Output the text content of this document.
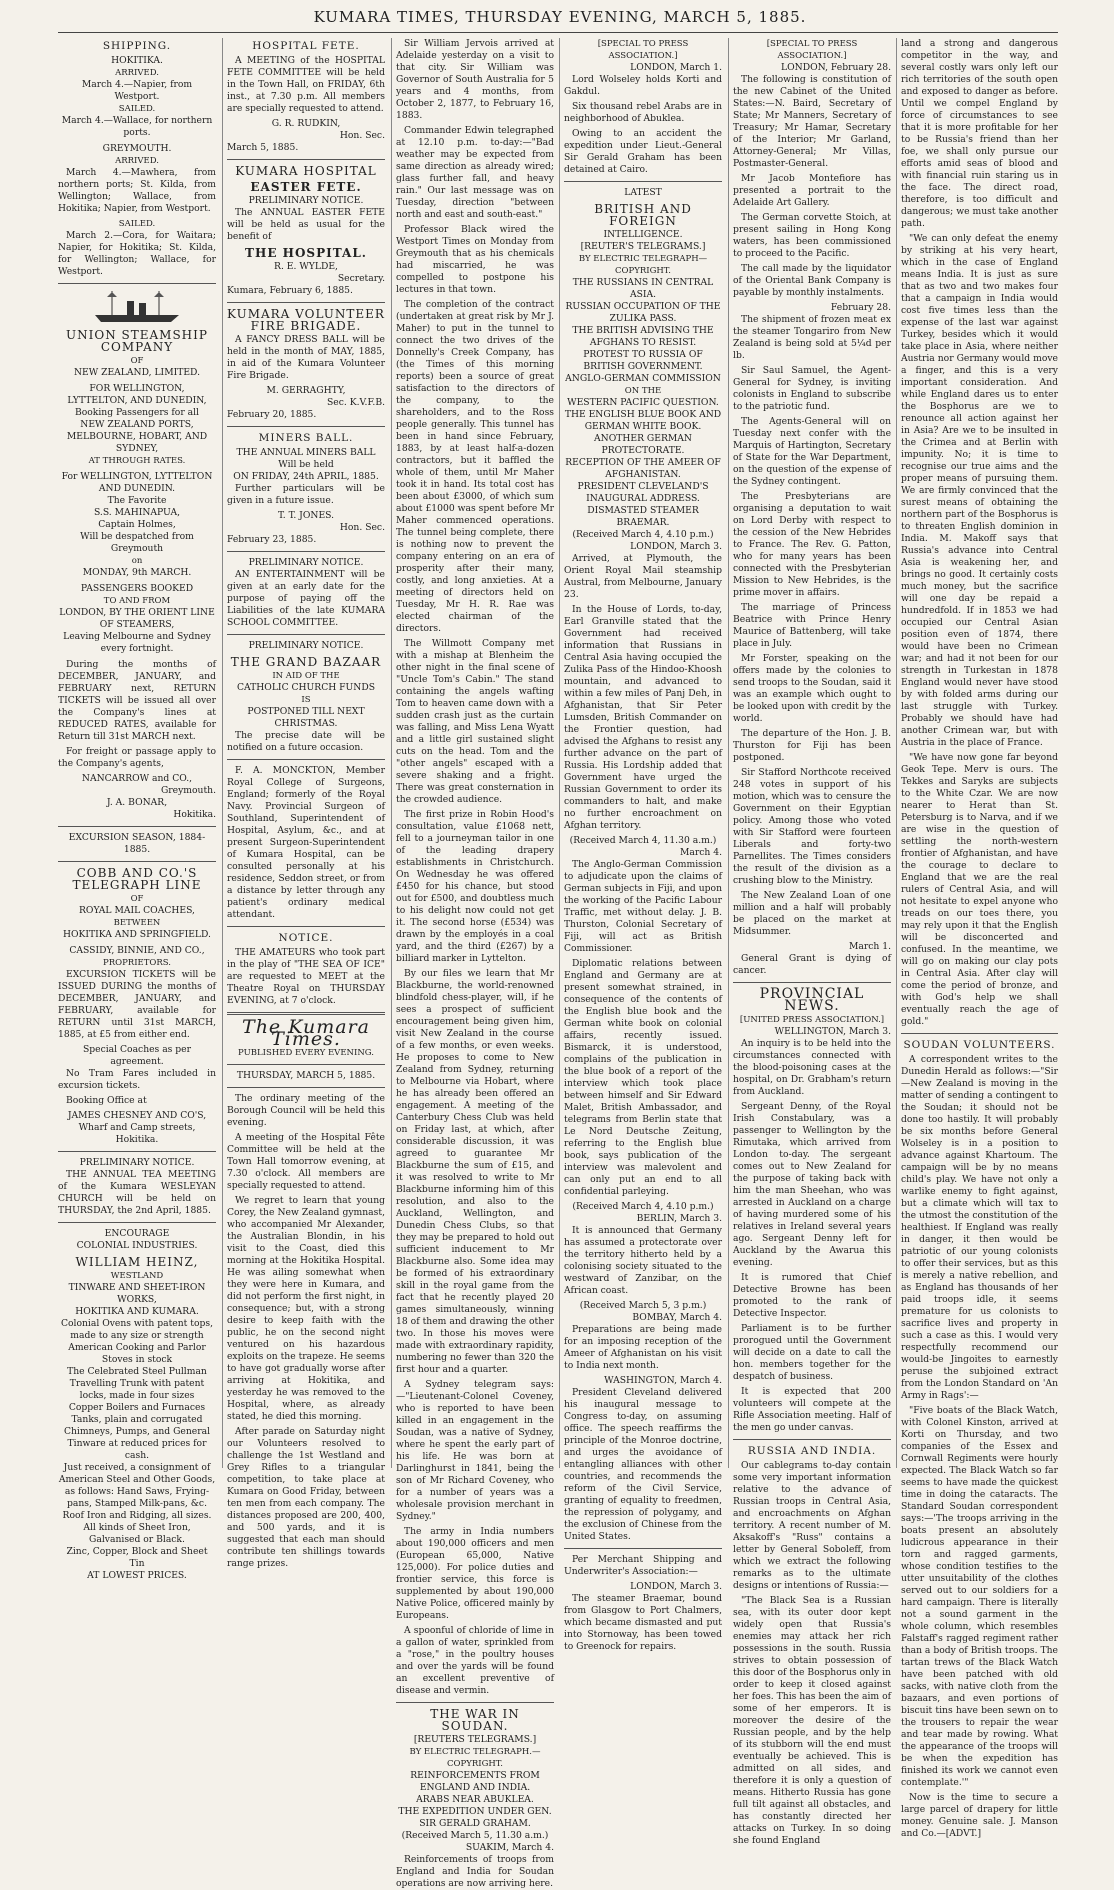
KUMARA TIMES, THURSDAY EVENING, MARCH 5, 1885.
SHIPPING.
HOKITIKA.
ARRIVED.
March 4.—Napier, from Westport.
SAILED.
March 4.—Wallace, for northern ports.
GREYMOUTH.
ARRIVED.
March 4.—Mawhera, from northern ports; St. Kilda, from Wellington; Wallace, from Hokitika; Napier, from Westport.
SAILED.
March 2.—Cora, for Waitara; Napier, for Hokitika; St. Kilda, for Wellington; Wallace, for Westport.
UNION STEAMSHIP COMPANY
OF
NEW ZEALAND, LIMITED.
FOR WELLINGTON, LYTTELTON, AND DUNEDIN,
Booking Passengers for all
NEW ZEALAND PORTS, MELBOURNE, HOBART, AND SYDNEY,
AT THROUGH RATES.
For WELLINGTON, LYTTELTON AND DUNEDIN.
The Favorite
S.S. MAHINAPUA,
Captain Holmes,
Will be despatched from Greymouth
on
MONDAY, 9th MARCH.
PASSENGERS BOOKED
TO AND FROM
LONDON, BY THE ORIENT LINE OF STEAMERS,
Leaving Melbourne and Sydney every fortnight.
During the months of DECEMBER, JANUARY, and FEBRUARY next, RETURN TICKETS will be issued all over the Company's lines at REDUCED RATES, available for Return till 31st MARCH next.
For freight or passage apply to the Company's agents,
NANCARROW and CO.,
Greymouth.
J. A. BONAR,
Hokitika.
EXCURSION SEASON, 1884-1885.
COBB AND CO.'S TELEGRAPH LINE
OF
ROYAL MAIL COACHES,
BETWEEN
HOKITIKA AND SPRINGFIELD.
CASSIDY, BINNIE, AND CO.,
PROPRIETORS.
EXCURSION TICKETS will be ISSUED DURING the months of DECEMBER, JANUARY, and FEBRUARY, available for RETURN until 31st MARCH, 1885, at £5 from either end.
Special Coaches as per agreement.
No Tram Fares included in excursion tickets.
Booking Office at
JAMES CHESNEY AND CO'S,
Wharf and Camp streets, Hokitika.
PRELIMINARY NOTICE.
THE ANNUAL TEA MEETING of the Kumara WESLEYAN CHURCH will be held on THURSDAY, the 2nd April, 1885.
ENCOURAGE
COLONIAL INDUSTRIES.
WILLIAM HEINZ,
WESTLAND
TINWARE AND SHEET-IRON WORKS,
HOKITIKA AND KUMARA.
Colonial Ovens with patent tops, made to any size or strength
American Cooking and Parlor Stoves in stock
The Celebrated Steel Pullman Travelling Trunk with patent locks, made in four sizes
Copper Boilers and Furnaces
Tanks, plain and corrugated
Chimneys, Pumps, and General Tinware at reduced prices for cash.
Just received, a consignment of American Steel and Other Goods, as follows: Hand Saws, Frying-pans, Stamped Milk-pans, &c.
Roof Iron and Ridging, all sizes.
All kinds of Sheet Iron, Galvanised or Black.
Zinc, Copper, Block and Sheet Tin
AT LOWEST PRICES.
HOSPITAL FETE.
A MEETING of the HOSPITAL FETE COMMITTEE will be held in the Town Hall, on FRIDAY, 6th inst., at 7.30 p.m. All members are specially requested to attend.
G. R. RUDKIN,
Hon. Sec.
March 5, 1885.
KUMARA HOSPITAL
EASTER FETE.
PRELIMINARY NOTICE.
The ANNUAL EASTER FETE will be held as usual for the benefit of
THE HOSPITAL.
R. E. WYLDE,
Secretary.
Kumara, February 6, 1885.
KUMARA VOLUNTEER FIRE BRIGADE.
A FANCY DRESS BALL will be held in the month of MAY, 1885, in aid of the Kumara Volunteer Fire Brigade.
M. GERRAGHTY,
Sec. K.V.F.B.
February 20, 1885.
MINERS BALL.
THE ANNUAL MINERS BALL Will be held
ON FRIDAY, 24th APRIL, 1885.
Further particulars will be given in a future issue.
T. T. JONES.
Hon. Sec.
February 23, 1885.
PRELIMINARY NOTICE.
AN ENTERTAINMENT will be given at an early date for the purpose of paying off the Liabilities of the late KUMARA SCHOOL COMMITTEE.
PRELIMINARY NOTICE.
THE GRAND BAZAAR
IN AID OF THE
CATHOLIC CHURCH FUNDS
IS
POSTPONED TILL NEXT CHRISTMAS.
The precise date will be notified on a future occasion.
F. A. MONCKTON, Member Royal College of Surgeons, England; formerly of the Royal Navy. Provincial Surgeon of Southland, Superintendent of Hospital, Asylum, &c., and at present Surgeon-Superintendent of Kumara Hospital, can be consulted personally at his residence, Seddon street, or from a distance by letter through any patient's ordinary medical attendant.
NOTICE.
THE AMATEURS who took part in the play of "THE SEA OF ICE" are requested to MEET at the Theatre Royal on THURSDAY EVENING, at 7 o'clock.
The Kumara Times.
PUBLISHED EVERY EVENING.
THURSDAY, MARCH 5, 1885.
The ordinary meeting of the Borough Council will be held this evening.
A meeting of the Hospital Fête Committee will be held at the Town Hall tomorrow evening, at 7.30 o'clock. All members are specially requested to attend.
We regret to learn that young Corey, the New Zealand gymnast, who accompanied Mr Alexander, the Australian Blondin, in his visit to the Coast, died this morning at the Hokitika Hospital. He was ailing somewhat when they were here in Kumara, and did not perform the first night, in consequence; but, with a strong desire to keep faith with the public, he on the second night ventured on his hazardous exploits on the trapeze. He seems to have got gradually worse after arriving at Hokitika, and yesterday he was removed to the Hospital, where, as already stated, he died this morning.
After parade on Saturday night our Volunteers resolved to challenge the 1st Westland and Grey Rifles to a triangular competition, to take place at Kumara on Good Friday, between ten men from each company. The distances proposed are 200, 400, and 500 yards, and it is suggested that each man should contribute ten shillings towards range prizes.
Sir William Jervois arrived at Adelaide yesterday on a visit to that city. Sir William was Governor of South Australia for 5 years and 4 months, from October 2, 1877, to February 16, 1883.
Commander Edwin telegraphed at 12.10 p.m. to-day:—"Bad weather may be expected from same direction as already wired; glass further fall, and heavy rain." Our last message was on Tuesday, direction "between north and east and south-east."
Professor Black wired the Westport Times on Monday from Greymouth that as his chemicals had miscarried, he was compelled to postpone his lectures in that town.
The completion of the contract (undertaken at great risk by Mr J. Maher) to put in the tunnel to connect the two drives of the Donnelly's Creek Company, has (the Times of this morning reports) been a source of great satisfaction to the directors of the company, to the shareholders, and to the Ross people generally. This tunnel has been in hand since February, 1883, by at least half-a-dozen contractors, but it baffled the whole of them, until Mr Maher took it in hand. Its total cost has been about £3000, of which sum about £1000 was spent before Mr Maher commenced operations. The tunnel being complete, there is nothing now to prevent the company entering on an era of prosperity after their many, costly, and long anxieties. At a meeting of directors held on Tuesday, Mr H. R. Rae was elected chairman of the directors.
The Willmott Company met with a mishap at Blenheim the other night in the final scene of "Uncle Tom's Cabin." The stand containing the angels wafting Tom to heaven came down with a sudden crash just as the curtain was falling, and Miss Lena Wyatt and a little girl sustained slight cuts on the head. Tom and the "other angels" escaped with a severe shaking and a fright. There was great consternation in the crowded audience.
The first prize in Robin Hood's consultation, value £1068 nett, fell to a journeyman tailor in one of the leading drapery establishments in Christchurch. On Wednesday he was offered £450 for his chance, but stood out for £500, and doubtless much to his delight now could not get it. The second horse (£534) was drawn by the employés in a coal yard, and the third (£267) by a billiard marker in Lyttelton.
By our files we learn that Mr Blackburne, the world-renowned blindfold chess-player, will, if he sees a prospect of sufficient encouragement being given him, visit New Zealand in the course of a few months, or even weeks. He proposes to come to New Zealand from Sydney, returning to Melbourne via Hobart, where he has already been offered an engagement. A meeting of the Canterbury Chess Club was held on Friday last, at which, after considerable discussion, it was agreed to guarantee Mr Blackburne the sum of £15, and it was resolved to write to Mr Blackburne informing him of this resolution, and also to the Auckland, Wellington, and Dunedin Chess Clubs, so that they may be prepared to hold out sufficient inducement to Mr Blackburne also. Some idea may be formed of his extraordinary skill in the royal game from the fact that he recently played 20 games simultaneously, winning 18 of them and drawing the other two. In those his moves were made with extraordinary rapidity, numbering no fewer than 320 the first hour and a quarter.
A Sydney telegram says:—"Lieutenant-Colonel Coveney, who is reported to have been killed in an engagement in the Soudan, was a native of Sydney, where he spent the early part of his life. He was born at Darlinghurst in 1841, being the son of Mr Richard Coveney, who for a number of years was a wholesale provision merchant in Sydney."
The army in India numbers about 190,000 officers and men (European 65,000, Native 125,000). For police duties and frontier service, this force is supplemented by about 190,000 Native Police, officered mainly by Europeans.
A spoonful of chloride of lime in a gallon of water, sprinkled from a "rose," in the poultry houses and over the yards will be found an excellent preventive of disease and vermin.
THE WAR IN SOUDAN.
[REUTERS TELEGRAMS.]
BY ELECTRIC TELEGRAPH.—COPYRIGHT.
REINFORCEMENTS FROM ENGLAND AND INDIA.
ARABS NEAR ABUKLEA.
THE EXPEDITION UNDER GEN. SIR GERALD GRAHAM.
(Received March 5, 11.30 a.m.)
SUAKIM, March 4.
Reinforcements of troops from England and India for Soudan operations are now arriving here.
[SPECIAL TO PRESS ASSOCIATION.]
LONDON, March 1.
Lord Wolseley holds Korti and Gakdul.
Six thousand rebel Arabs are in neighborhood of Abuklea.
Owing to an accident the expedition under Lieut.-General Sir Gerald Graham has been detained at Cairo.
LATEST
BRITISH AND FOREIGN
INTELLIGENCE.
[REUTER'S TELEGRAMS.]
BY ELECTRIC TELEGRAPH—COPYRIGHT.
THE RUSSIANS IN CENTRAL ASIA.
RUSSIAN OCCUPATION OF THE ZULIKA PASS.
THE BRITISH ADVISING THE AFGHANS TO RESIST.
PROTEST TO RUSSIA OF BRITISH GOVERNMENT.
ANGLO-GERMAN COMMISSION
ON THE
WESTERN PACIFIC QUESTION.
THE ENGLISH BLUE BOOK AND GERMAN WHITE BOOK.
ANOTHER GERMAN PROTECTORATE.
RECEPTION OF THE AMEER OF AFGHANISTAN.
PRESIDENT CLEVELAND'S INAUGURAL ADDRESS.
DISMASTED STEAMER BRAEMAR.
(Received March 4, 4.10 p.m.)
LONDON, March 3.
Arrived, at Plymouth, the Orient Royal Mail steamship Austral, from Melbourne, January 23.
In the House of Lords, to-day, Earl Granville stated that the Government had received information that Russians in Central Asia having occupied the Zulika Pass of the Hindoo-Khoosh mountain, and advanced to within a few miles of Panj Deh, in Afghanistan, that Sir Peter Lumsden, British Commander on the Frontier question, had advised the Afghans to resist any further advance on the part of Russia. His Lordship added that Government have urged the Russian Government to order its commanders to halt, and make no further encroachment on Afghan territory.
(Received March 4, 11.30 a.m.)
March 4.
The Anglo-German Commission to adjudicate upon the claims of German subjects in Fiji, and upon the working of the Pacific Labour Traffic, met without delay. J. B. Thurston, Colonial Secretary of Fiji, will act as British Commissioner.
Diplomatic relations between England and Germany are at present somewhat strained, in consequence of the contents of the English blue book and the German white book on colonial affairs, recently issued. Bismarck, it is understood, complains of the publication in the blue book of a report of the interview which took place between himself and Sir Edward Malet, British Ambassador, and telegrams from Berlin state that Le Nord Deutsche Zeitung, referring to the English blue book, says publication of the interview was malevolent and can only put an end to all confidential parleying.
(Received March 4, 4.10 p.m.)
BERLIN, March 3.
It is announced that Germany has assumed a protectorate over the territory hitherto held by a colonising society situated to the westward of Zanzibar, on the African coast.
(Received March 5, 3 p.m.)
BOMBAY, March 4.
Preparations are being made for an imposing reception of the Ameer of Afghanistan on his visit to India next month.
WASHINGTON, March 4.
President Cleveland delivered his inaugural message to Congress to-day, on assuming office. The speech reaffirms the principle of the Monroe doctrine, and urges the avoidance of entangling alliances with other countries, and recommends the reform of the Civil Service, granting of equality to freedmen, the repression of polygamy, and the exclusion of Chinese from the United States.
Per Merchant Shipping and Underwriter's Association:—
LONDON, March 3.
The steamer Braemar, bound from Glasgow to Port Chalmers, which became dismasted and put into Stornoway, has been towed to Greenock for repairs.
[SPECIAL TO PRESS ASSOCIATION.]
LONDON, February 28.
The following is constitution of the new Cabinet of the United States:—N. Baird, Secretary of State; Mr Manners, Secretary of Treasury; Mr Hamar, Secretary of the Interior; Mr Garland, Attorney-General; Mr Villas, Postmaster-General.
Mr Jacob Montefiore has presented a portrait to the Adelaide Art Gallery.
The German corvette Stoich, at present sailing in Hong Kong waters, has been commissioned to proceed to the Pacific.
The call made by the liquidator of the Oriental Bank Company is payable by monthly instalments.
February 28.
The shipment of frozen meat ex the steamer Tongariro from New Zealand is being sold at 5¼d per lb.
Sir Saul Samuel, the Agent-General for Sydney, is inviting colonists in England to subscribe to the patriotic fund.
The Agents-General will on Tuesday next confer with the Marquis of Hartington, Secretary of State for the War Department, on the question of the expense of the Sydney contingent.
The Presbyterians are organising a deputation to wait on Lord Derby with respect to the cession of the New Hebrides to France. The Rev. G. Patton, who for many years has been connected with the Presbyterian Mission to New Hebrides, is the prime mover in affairs.
The marriage of Princess Beatrice with Prince Henry Maurice of Battenberg, will take place in July.
Mr Forster, speaking on the offers made by the colonies to send troops to the Soudan, said it was an example which ought to be looked upon with credit by the world.
The departure of the Hon. J. B. Thurston for Fiji has been postponed.
Sir Stafford Northcote received 248 votes in support of his motion, which was to censure the Government on their Egyptian policy. Among those who voted with Sir Stafford were fourteen Liberals and forty-two Parnellites. The Times considers the result of the division as a crushing blow to the Ministry.
The New Zealand Loan of one million and a half will probably be placed on the market at Midsummer.
March 1.
General Grant is dying of cancer.
PROVINCIAL NEWS.
[UNITED PRESS ASSOCIATION.]
WELLINGTON, March 3.
An inquiry is to be held into the circumstances connected with the blood-poisoning cases at the hospital, on Dr. Grabham's return from Auckland.
Sergeant Denny, of the Royal Irish Constabulary, was a passenger to Wellington by the Rimutaka, which arrived from London to-day. The sergeant comes out to New Zealand for the purpose of taking back with him the man Sheehan, who was arrested in Auckland on a charge of having murdered some of his relatives in Ireland several years ago. Sergeant Denny left for Auckland by the Awarua this evening.
It is rumored that Chief Detective Browne has been promoted to the rank of Detective Inspector.
Parliament is to be further prorogued until the Government will decide on a date to call the hon. members together for the despatch of business.
It is expected that 200 volunteers will compete at the Rifle Association meeting. Half of the men go under canvas.
RUSSIA AND INDIA.
Our cablegrams to-day contain some very important information relative to the advance of Russian troops in Central Asia, and encroachments on Afghan territory. A recent number of M. Aksakoff's "Russ" contains a letter by General Soboleff, from which we extract the following remarks as to the ultimate designs or intentions of Russia:—
"The Black Sea is a Russian sea, with its outer door kept widely open that Russia's enemies may attack her rich possessions in the south. Russia strives to obtain possession of this door of the Bosphorus only in order to keep it closed against her foes. This has been the aim of some of her emperors. It is moreover the desire of the Russian people, and by the help of its stubborn will the end must eventually be achieved. This is admitted on all sides, and therefore it is only a question of means. Hitherto Russia has gone full tilt against all obstacles, and has constantly directed her attacks on Turkey. In so doing she found England
land a strong and dangerous competitor in the way, and several costly wars only left our rich territories of the south open and exposed to danger as before. Until we compel England by force of circumstances to see that it is more profitable for her to be Russia's friend than her foe, we shall only pursue our efforts amid seas of blood and with financial ruin staring us in the face. The direct road, therefore, is too difficult and dangerous; we must take another path.
"We can only defeat the enemy by striking at his very heart, which in the case of England means India. It is just as sure that as two and two makes four that a campaign in India would cost five times less than the expense of the last war against Turkey, besides which it would take place in Asia, where neither Austria nor Germany would move a finger, and this is a very important consideration. And while England dares us to enter the Bosphorus are we to renounce all action against her in Asia? Are we to be insulted in the Crimea and at Berlin with impunity. No; it is time to recognise our true aims and the proper means of pursuing them. We are firmly convinced that the surest means of obtaining the northern part of the Bosphorus is to threaten English dominion in India. M. Makoff says that Russia's advance into Central Asia is weakening her, and brings no good. It certainly costs much money, but the sacrifice will one day be repaid a hundredfold. If in 1853 we had occupied our Central Asian position even of 1874, there would have been no Crimean war; and had it not been for our strength in Turkestan in 1878 England would never have stood by with folded arms during our last struggle with Turkey. Probably we should have had another Crimean war, but with Austria in the place of France.
"We have now gone far beyond Geok Tepe. Merv is ours. The Tekkes and Saryks are subjects to the White Czar. We are now nearer to Herat than St. Petersburg is to Narva, and if we are wise in the question of settling the north-western frontier of Afghanistan, and have the courage to declare to England that we are the real rulers of Central Asia, and will not hesitate to expel anyone who treads on our toes there, you may rely upon it that the English will be disconcerted and confused. In the meantime, we will go on making our clay pots in Central Asia. After clay will come the period of bronze, and with God's help we shall eventually reach the age of gold."
SOUDAN VOLUNTEERS.
A correspondent writes to the Dunedin Herald as follows:—"Sir—New Zealand is moving in the matter of sending a contingent to the Soudan; it should not be done too hastily. It will probably be six months before General Wolseley is in a position to advance against Khartoum. The campaign will be by no means child's play. We have not only a warlike enemy to fight against, but a climate which will tax to the utmost the constitution of the healthiest. If England was really in danger, it then would be patriotic of our young colonists to offer their services, but as this is merely a native rebellion, and as England has thousands of her paid troops idle, it seems premature for us colonists to sacrifice lives and property in such a case as this. I would very respectfully recommend our would-be Jingoites to earnestly peruse the subjoined extract from the London Standard on 'An Army in Rags':—
"Five boats of the Black Watch, with Colonel Kinston, arrived at Korti on Thursday, and two companies of the Essex and Cornwall Regiments were hourly expected. The Black Watch so far seems to have made the quickest time in doing the cataracts. The Standard Soudan correspondent says:—'The troops arriving in the boats present an absolutely ludicrous appearance in their torn and ragged garments, whose condition testifies to the utter unsuitability of the clothes served out to our soldiers for a hard campaign. There is literally not a sound garment in the whole column, which resembles Falstaff's ragged regiment rather than a body of British troops. The tartan trews of the Black Watch have been patched with old sacks, with native cloth from the bazaars, and even portions of biscuit tins have been sewn on to the trousers to repair the wear and tear made by rowing. What the appearance of the troops will be when the expedition has finished its work we cannot even contemplate.'"
Now is the time to secure a large parcel of drapery for little money. Genuine sale. J. Manson and Co.—[ADVT.]
